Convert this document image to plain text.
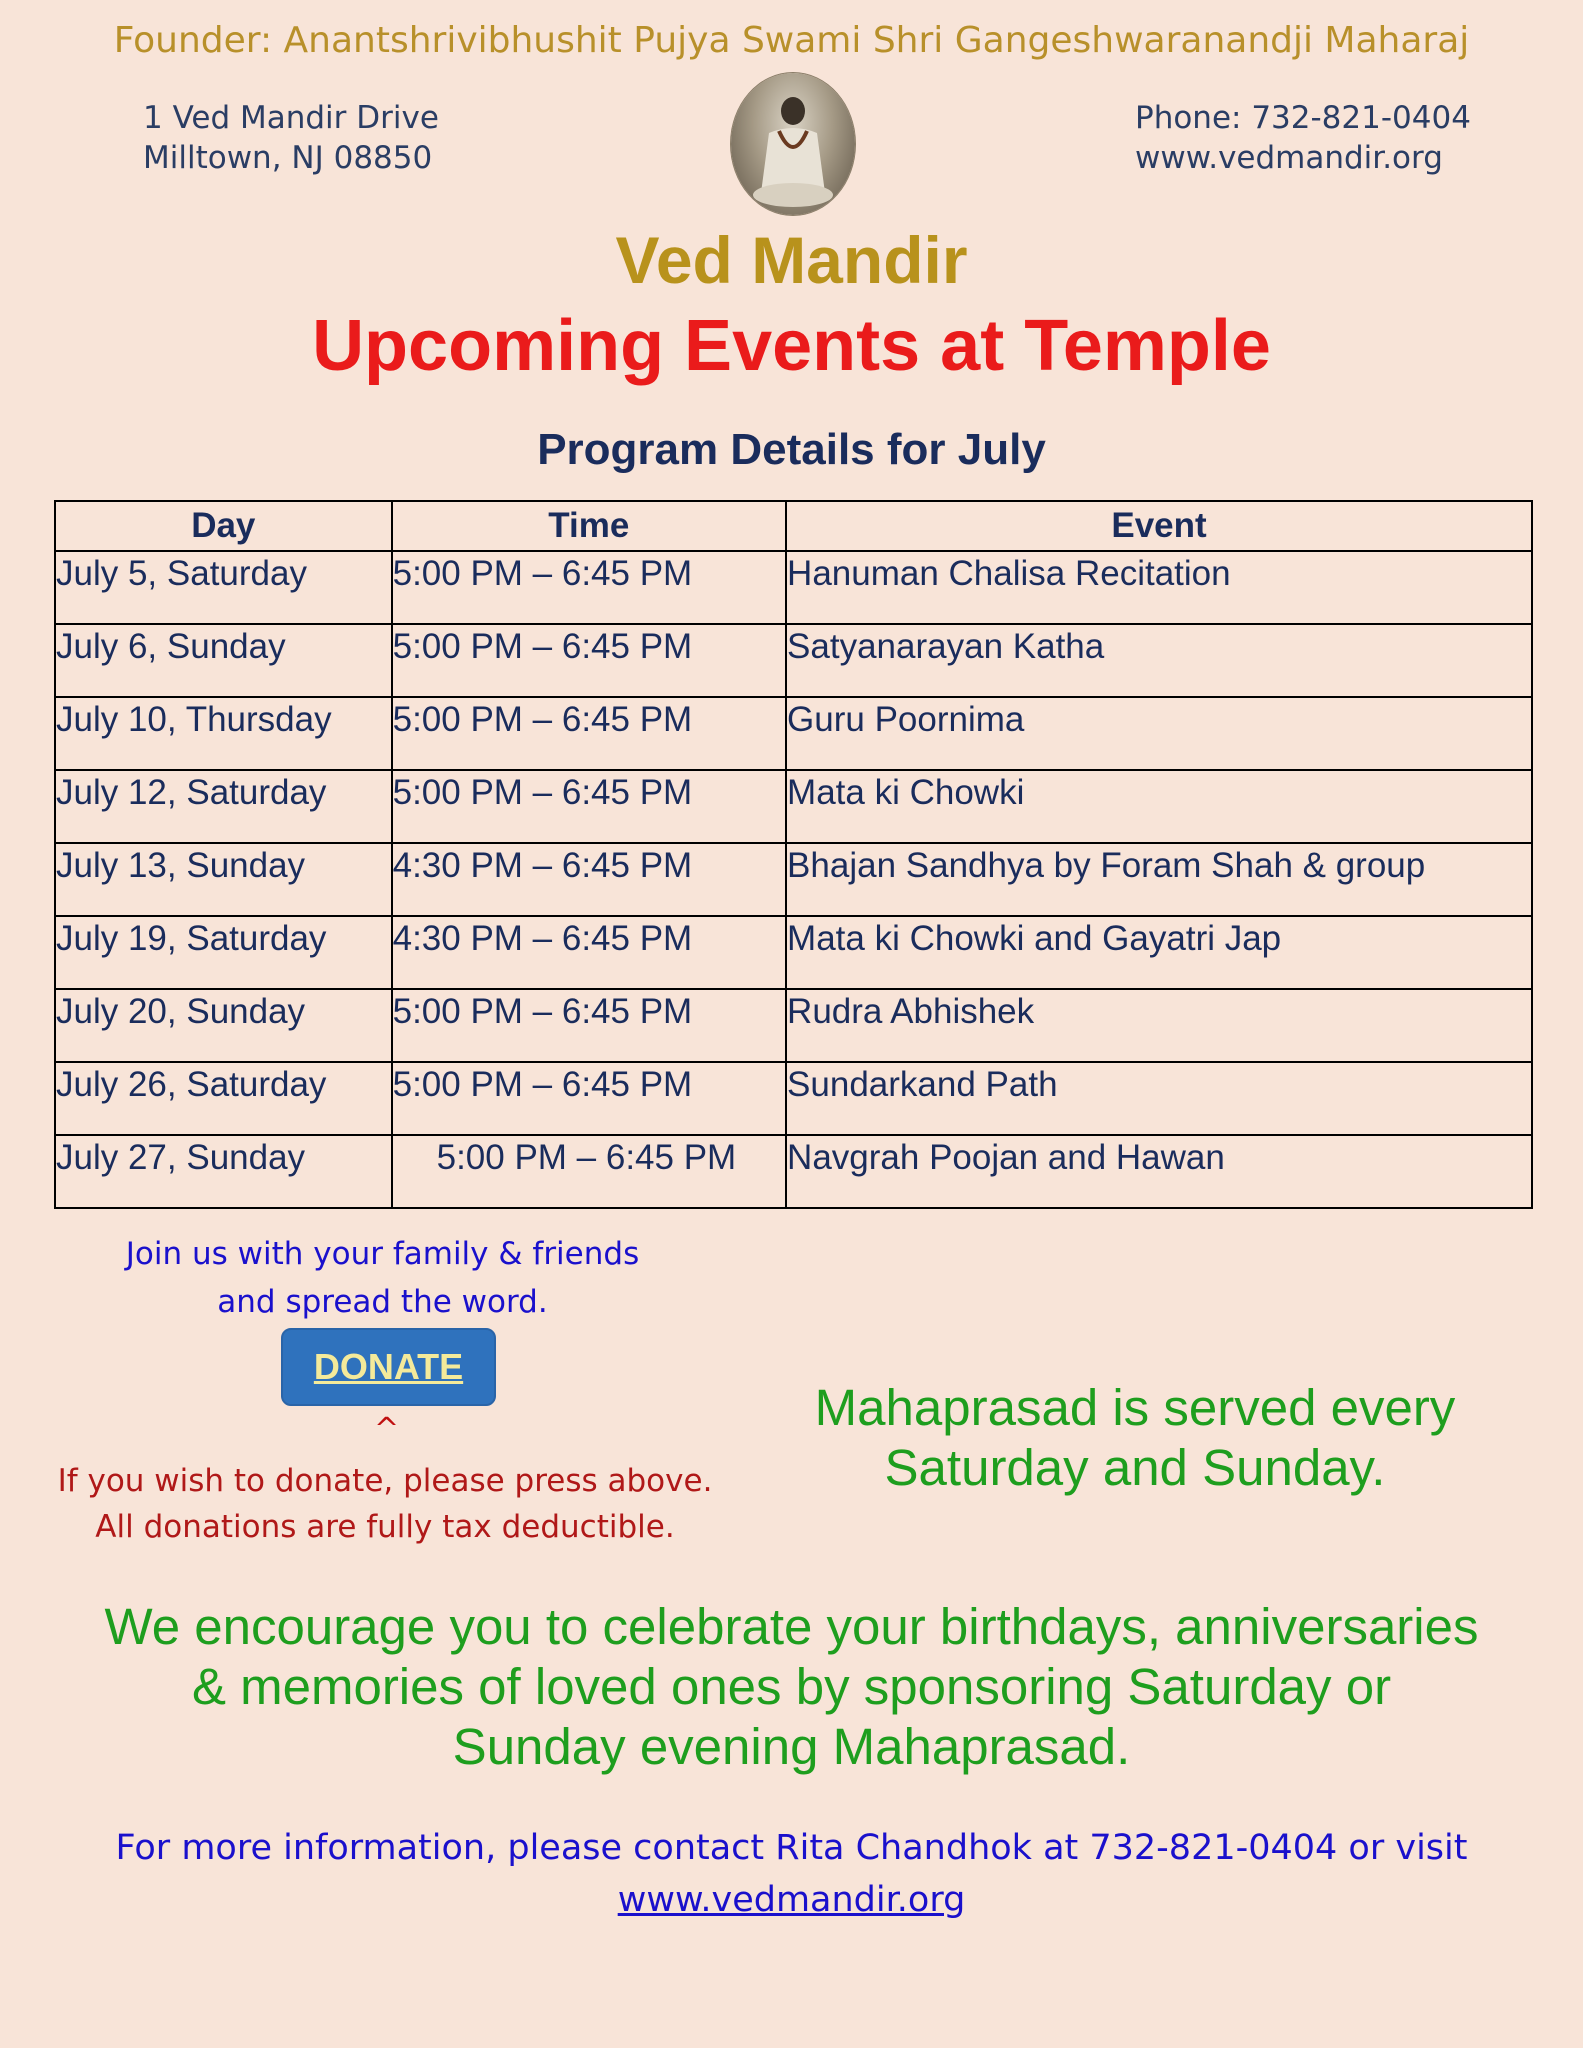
Founder: Anantshrivibhushit Pujya Swami Shri Gangeshwaranandji Maharaj
1 Ved Mandir Drive
Milltown, NJ 08850
Phone: 732-821-0404
www.vedmandir.org
Ved Mandir
Upcoming Events at Temple
Program Details for July
Day	Time	Event
July 5, Saturday	5:00 PM – 6:45 PM	Hanuman Chalisa Recitation
July 6, Sunday	5:00 PM – 6:45 PM	Satyanarayan Katha
July 10, Thursday	5:00 PM – 6:45 PM	Guru Poornima
July 12, Saturday	5:00 PM – 6:45 PM	Mata ki Chowki
July 13, Sunday	4:30 PM – 6:45 PM	Bhajan Sandhya by Foram Shah & group
July 19, Saturday	4:30 PM – 6:45 PM	Mata ki Chowki and Gayatri Jap
July 20, Sunday	5:00 PM – 6:45 PM	Rudra Abhishek
July 26, Saturday	5:00 PM – 6:45 PM	Sundarkand Path
July 27, Sunday	5:00 PM – 6:45 PM	Navgrah Poojan and Hawan
Join us with your family & friends
and spread the word.
DONATE
^
If you wish to donate, please press above.
All donations are fully tax deductible.
Mahaprasad is served every
Saturday and Sunday.
We encourage you to celebrate your birthdays, anniversaries
& memories of loved ones by sponsoring Saturday or
Sunday evening Mahaprasad.
For more information, please contact Rita Chandhok at 732-821-0404 or visit
www.vedmandir.org
